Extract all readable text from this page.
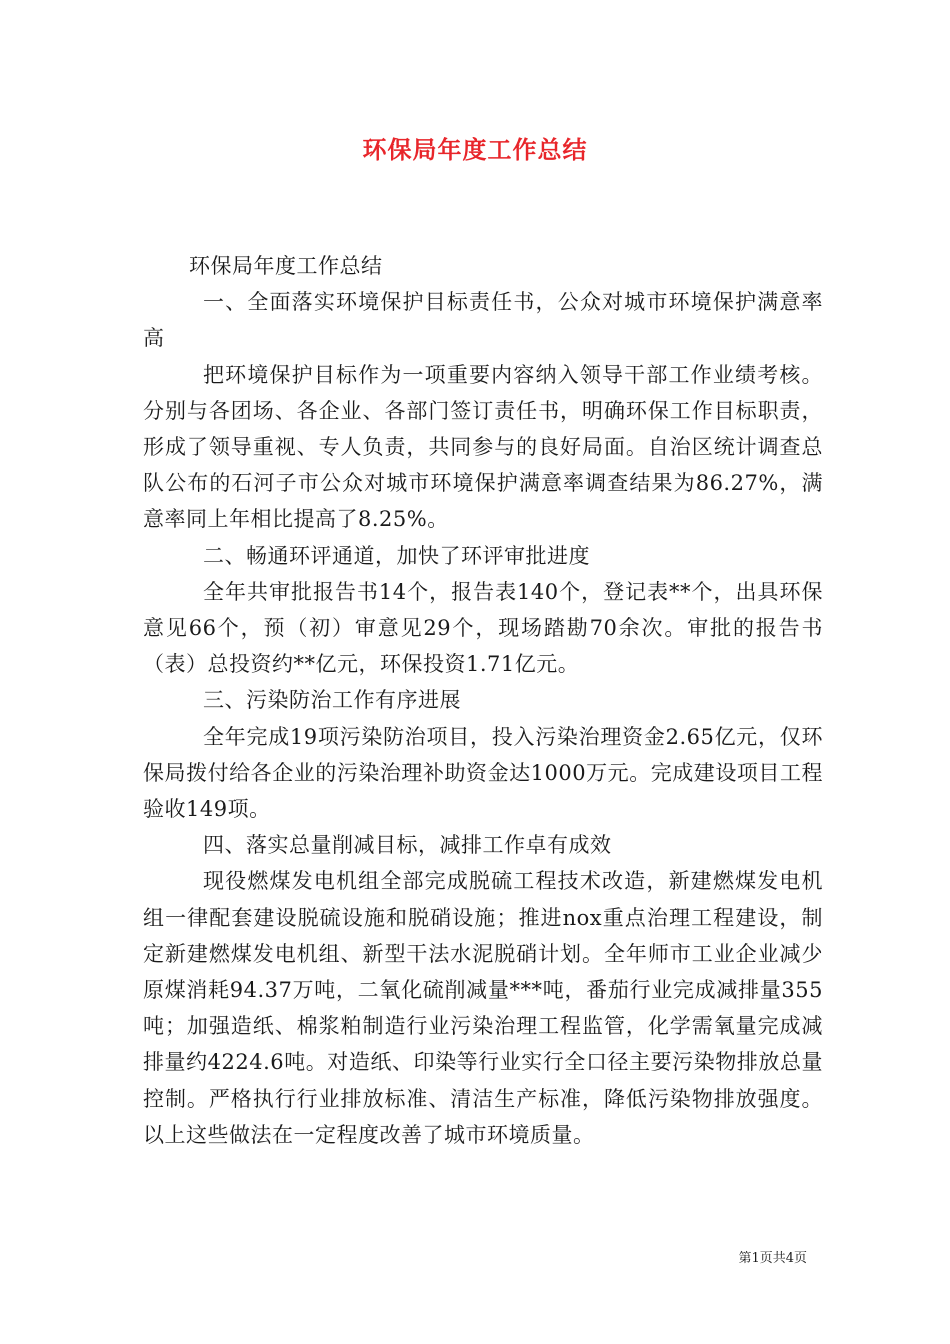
环保局年度工作总结

环保局年度工作总结

一、全面落实环境保护目标责任书，公众对城市环境保护满意率高

把环境保护目标作为一项重要内容纳入领导干部工作业绩考核。分别与各团场、各企业、各部门签订责任书，明确环保工作目标职责，形成了领导重视、专人负责，共同参与的良好局面。自治区统计调查总队公布的石河子市公众对城市环境保护满意率调查结果为86.27%，满意率同上年相比提高了8.25%。

二、畅通环评通道，加快了环评审批进度

全年共审批报告书14个，报告表140个，登记表**个，出具环保意见66个，预（初）审意见29个，现场踏勘70余次。审批的报告书（表）总投资约**亿元，环保投资1.71亿元。

三、污染防治工作有序进展

全年完成19项污染防治项目，投入污染治理资金2.65亿元，仅环保局拨付给各企业的污染治理补助资金达1000万元。完成建设项目工程验收149项。

四、落实总量削减目标，减排工作卓有成效

现役燃煤发电机组全部完成脱硫工程技术改造，新建燃煤发电机组一律配套建设脱硫设施和脱硝设施；推进nox重点治理工程建设，制定新建燃煤发电机组、新型干法水泥脱硝计划。全年师市工业企业减少原煤消耗94.37万吨，二氧化硫削减量***吨，番茄行业完成减排量355吨；加强造纸、棉浆粕制造行业污染治理工程监管，化学需氧量完成减排量约4224.6吨。对造纸、印染等行业实行全口径主要污染物排放总量控制。严格执行行业排放标准、清洁生产标准，降低污染物排放强度。以上这些做法在一定程度改善了城市环境质量。

第1页共4页
